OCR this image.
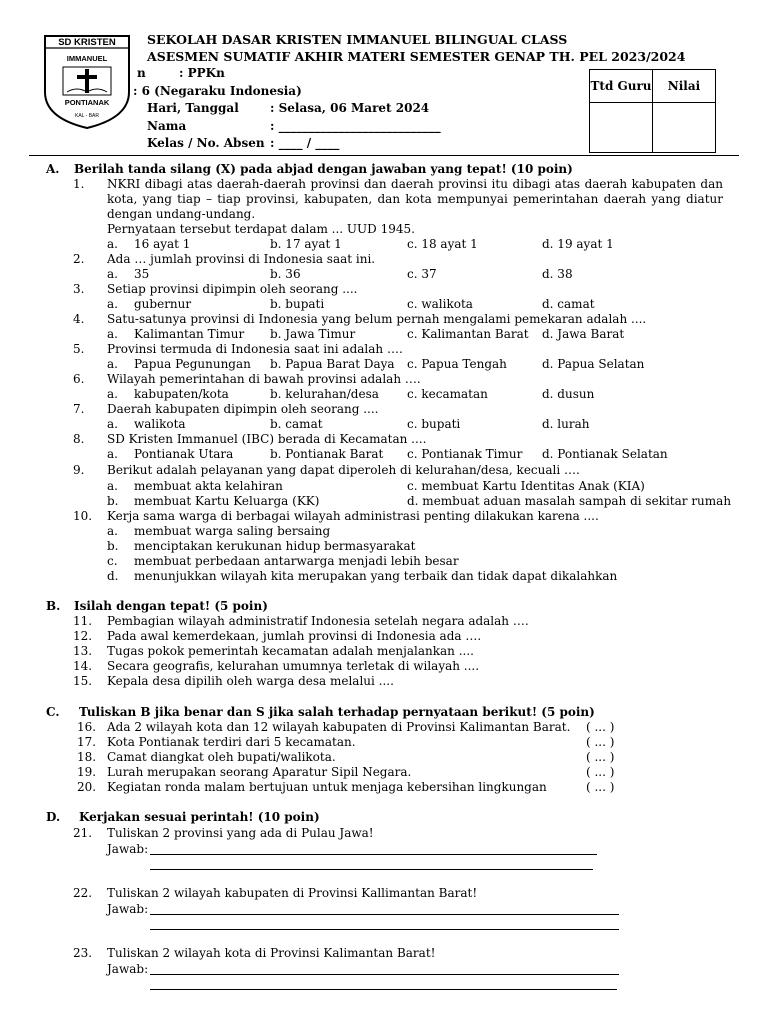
SD KRISTEN
IMMANUEL
PONTIANAK
KAL - BAR
SEKOLAH DASAR KRISTEN IMMANUEL BILINGUAL CLASS
ASESMEN SUMATIF AKHIR MATERI SEMESTER GENAP TH. PEL 2023/2024
n	: PPKn
: 6 (Negaraku Indonesia)
Hari, Tanggal	: Selasa, 06 Maret 2024
Nama	: ___________________________
Kelas / No. Absen : ____ / ____
Ttd Guru	Nilai

A. Berilah tanda silang (X) pada abjad dengan jawaban yang tepat! (10 poin)
1. NKRI dibagi atas daerah-daerah provinsi dan daerah provinsi itu dibagi atas daerah kabupaten dan kota, yang tiap – tiap provinsi, kabupaten, dan kota mempunyai pemerintahan daerah yang diatur dengan undang-undang.
Pernyataan tersebut terdapat dalam ... UUD 1945.
a. 16 ayat 1	b. 17 ayat 1	c. 18 ayat 1	d. 19 ayat 1
2. Ada … jumlah provinsi di Indonesia saat ini.
a. 35	b. 36	c. 37	d. 38
3. Setiap provinsi dipimpin oleh seorang ....
a. gubernur	b. bupati	c. walikota	d. camat
4. Satu-satunya provinsi di Indonesia yang belum pernah mengalami pemekaran adalah ....
a. Kalimantan Timur b. Jawa Timur	c. Kalimantan Barat d. Jawa Barat
5. Provinsi termuda di Indonesia saat ini adalah ….
a. Papua Pegunungan b. Papua Barat Daya c. Papua Tengah	d. Papua Selatan
6. Wilayah pemerintahan di bawah provinsi adalah ….
a. kabupaten/kota	b. kelurahan/desa c. kecamatan	d. dusun
7. Daerah kabupaten dipimpin oleh seorang ....
a. walikota	b. camat	c. bupati	d. lurah
8. SD Kristen Immanuel (IBC) berada di Kecamatan ....
a. Pontianak Utara	b. Pontianak Barat c. Pontianak Timur d. Pontianak Selatan
9. Berikut adalah pelayanan yang dapat diperoleh di kelurahan/desa, kecuali ….
a. membuat akta kelahiran	c. membuat Kartu Identitas Anak (KIA)
b. membuat Kartu Keluarga (KK)	d. membuat aduan masalah sampah di sekitar rumah
10. Kerja sama warga di berbagai wilayah administrasi penting dilakukan karena ....
a. membuat warga saling bersaing
b. menciptakan kerukunan hidup bermasyarakat
c. membuat perbedaan antarwarga menjadi lebih besar
d. menunjukkan wilayah kita merupakan yang terbaik dan tidak dapat dikalahkan
B. Isilah dengan tepat! (5 poin)
11. Pembagian wilayah administratif Indonesia setelah negara adalah ….
12. Pada awal kemerdekaan, jumlah provinsi di Indonesia ada ….
13. Tugas pokok pemerintah kecamatan adalah menjalankan ....
14. Secara geografis, kelurahan umumnya terletak di wilayah ....
15. Kepala desa dipilih oleh warga desa melalui ....
C. Tuliskan B jika benar dan S jika salah terhadap pernyataan berikut! (5 poin)
16. Ada 2 wilayah kota dan 12 wilayah kabupaten di Provinsi Kalimantan Barat. ( ... )
17. Kota Pontianak terdiri dari 5 kecamatan.	( ... )
18. Camat diangkat oleh bupati/walikota.	( ... )
19. Lurah merupakan seorang Aparatur Sipil Negara.	( ... )
20. Kegiatan ronda malam bertujuan untuk menjaga kebersihan lingkungan	( ... )
D. Kerjakan sesuai perintah! (10 poin)
21. Tuliskan 2 provinsi yang ada di Pulau Jawa!
Jawab:
22. Tuliskan 2 wilayah kabupaten di Provinsi Kallimantan Barat!
Jawab:
23. Tuliskan 2 wilayah kota di Provinsi Kalimantan Barat!
Jawab:
